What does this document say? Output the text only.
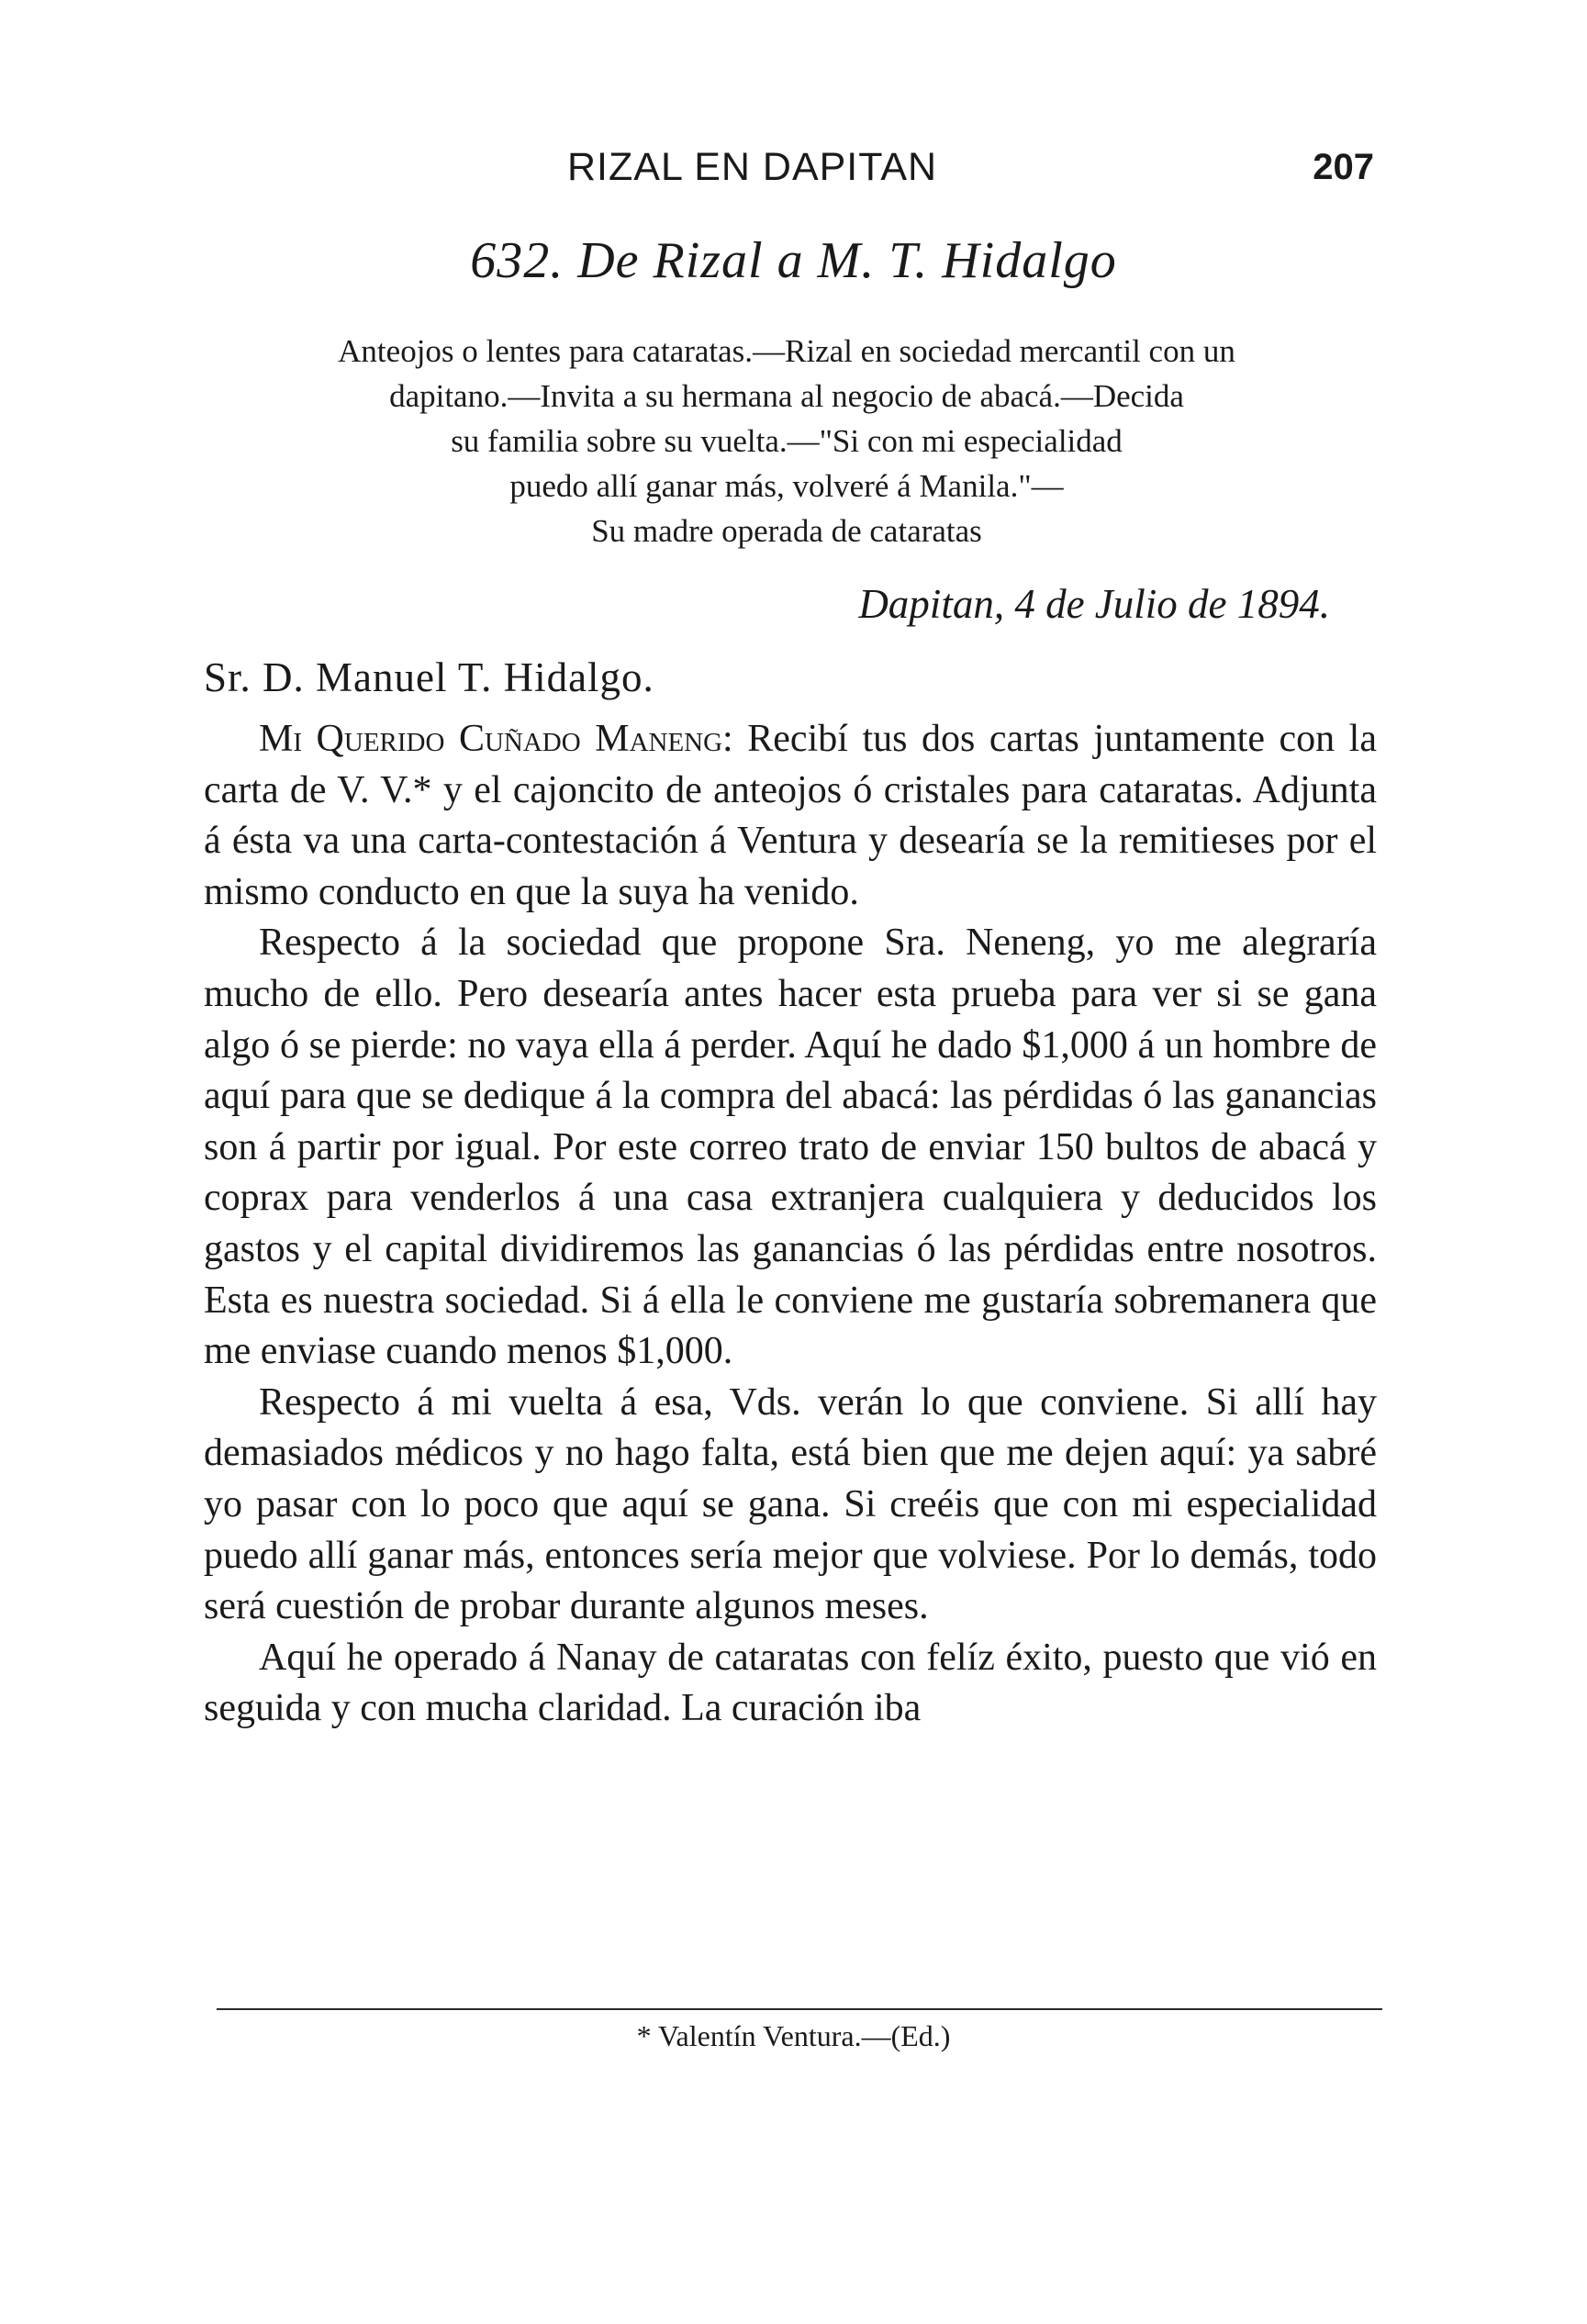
RIZAL EN DAPITAN	207
632. De Rizal a M. T. Hidalgo
Anteojos o lentes para cataratas.—Rizal en sociedad mercantil con un
dapitano.—Invita a su hermana al negocio de abacá.—Decida
su familia sobre su vuelta.—"Si con mi especialidad
puedo allí ganar más, volveré á Manila."—
Su madre operada de cataratas
Dapitan, 4 de Julio de 1894.
Sr. D. Manuel T. Hidalgo.

Mi Querido Cuñado Maneng: Recibí tus dos cartas juntamente con la carta de V. V.* y el cajoncito de anteojos ó cristales para cataratas. Adjunta á ésta va una carta-contestación á Ventura y desearía se la remitieses por el mismo conducto en que la suya ha venido.

Respecto á la sociedad que propone Sra. Neneng, yo me alegraría mucho de ello. Pero desearía antes hacer esta prueba para ver si se gana algo ó se pierde: no vaya ella á perder. Aquí he dado $1,000 á un hombre de aquí para que se dedique á la compra del abacá: las pérdidas ó las ganancias son á partir por igual. Por este correo trato de enviar 150 bultos de abacá y coprax para venderlos á una casa extranjera cualquiera y deducidos los gastos y el capital dividiremos las ganancias ó las pérdidas entre nosotros. Esta es nuestra sociedad. Si á ella le conviene me gustaría sobremanera que me enviase cuando menos $1,000.

Respecto á mi vuelta á esa, Vds. verán lo que conviene. Si allí hay demasiados médicos y no hago falta, está bien que me dejen aquí: ya sabré yo pasar con lo poco que aquí se gana. Si creéis que con mi especialidad puedo allí ganar más, entonces sería mejor que volviese. Por lo demás, todo será cuestión de probar durante algunos meses.

Aquí he operado á Nanay de cataratas con felíz éxito, puesto que vió en seguida y con mucha claridad. La curación iba

* Valentín Ventura.—(Ed.)
